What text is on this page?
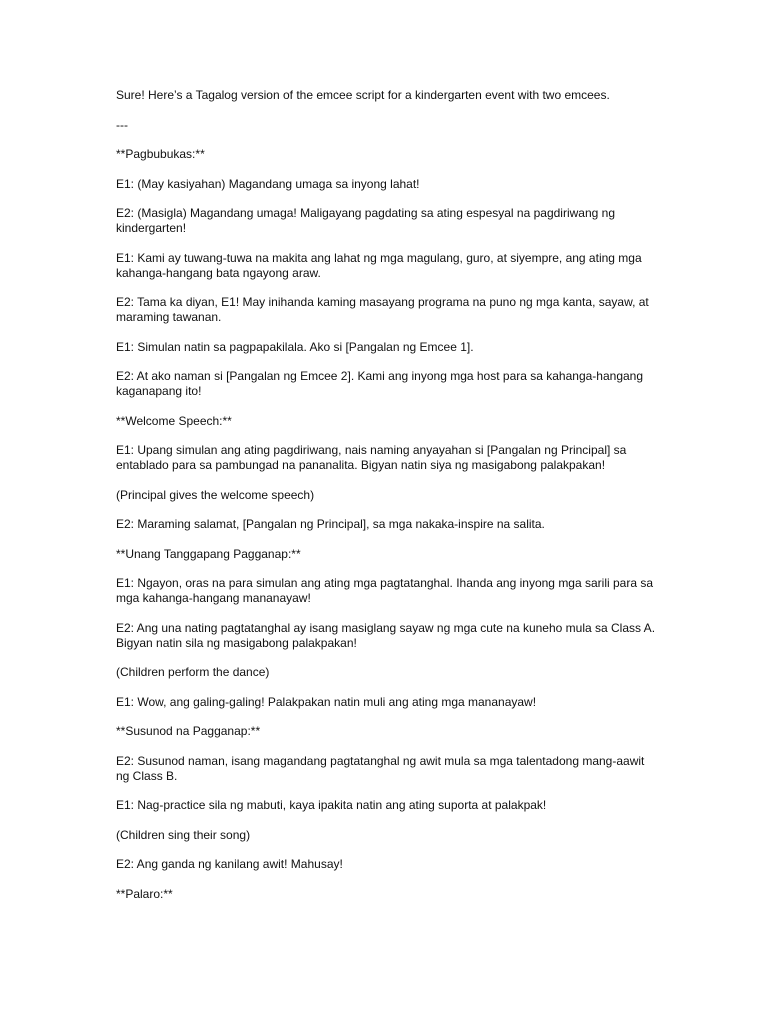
Sure! Here’s a Tagalog version of the emcee script for a kindergarten event with two emcees.

---

**Pagbubukas:**

E1: (May kasiyahan) Magandang umaga sa inyong lahat!

E2: (Masigla) Magandang umaga! Maligayang pagdating sa ating espesyal na pagdiriwang ng kindergarten!

E1: Kami ay tuwang-tuwa na makita ang lahat ng mga magulang, guro, at siyempre, ang ating mga kahanga-hangang bata ngayong araw.

E2: Tama ka diyan, E1! May inihanda kaming masayang programa na puno ng mga kanta, sayaw, at maraming tawanan.

E1: Simulan natin sa pagpapakilala. Ako si [Pangalan ng Emcee 1].

E2: At ako naman si [Pangalan ng Emcee 2]. Kami ang inyong mga host para sa kahanga-hangang kaganapang ito!

**Welcome Speech:**

E1: Upang simulan ang ating pagdiriwang, nais naming anyayahan si [Pangalan ng Principal] sa entablado para sa pambungad na pananalita. Bigyan natin siya ng masigabong palakpakan!

(Principal gives the welcome speech)

E2: Maraming salamat, [Pangalan ng Principal], sa mga nakaka-inspire na salita.

**Unang Tanggapang Pagganap:**

E1: Ngayon, oras na para simulan ang ating mga pagtatanghal. Ihanda ang inyong mga sarili para sa mga kahanga-hangang mananayaw!

E2: Ang una nating pagtatanghal ay isang masiglang sayaw ng mga cute na kuneho mula sa Class A. Bigyan natin sila ng masigabong palakpakan!

(Children perform the dance)

E1: Wow, ang galing-galing! Palakpakan natin muli ang ating mga mananayaw!

**Susunod na Pagganap:**

E2: Susunod naman, isang magandang pagtatanghal ng awit mula sa mga talentadong mang-aawit ng Class B.

E1: Nag-practice sila ng mabuti, kaya ipakita natin ang ating suporta at palakpak!

(Children sing their song)

E2: Ang ganda ng kanilang awit! Mahusay!

**Palaro:**
